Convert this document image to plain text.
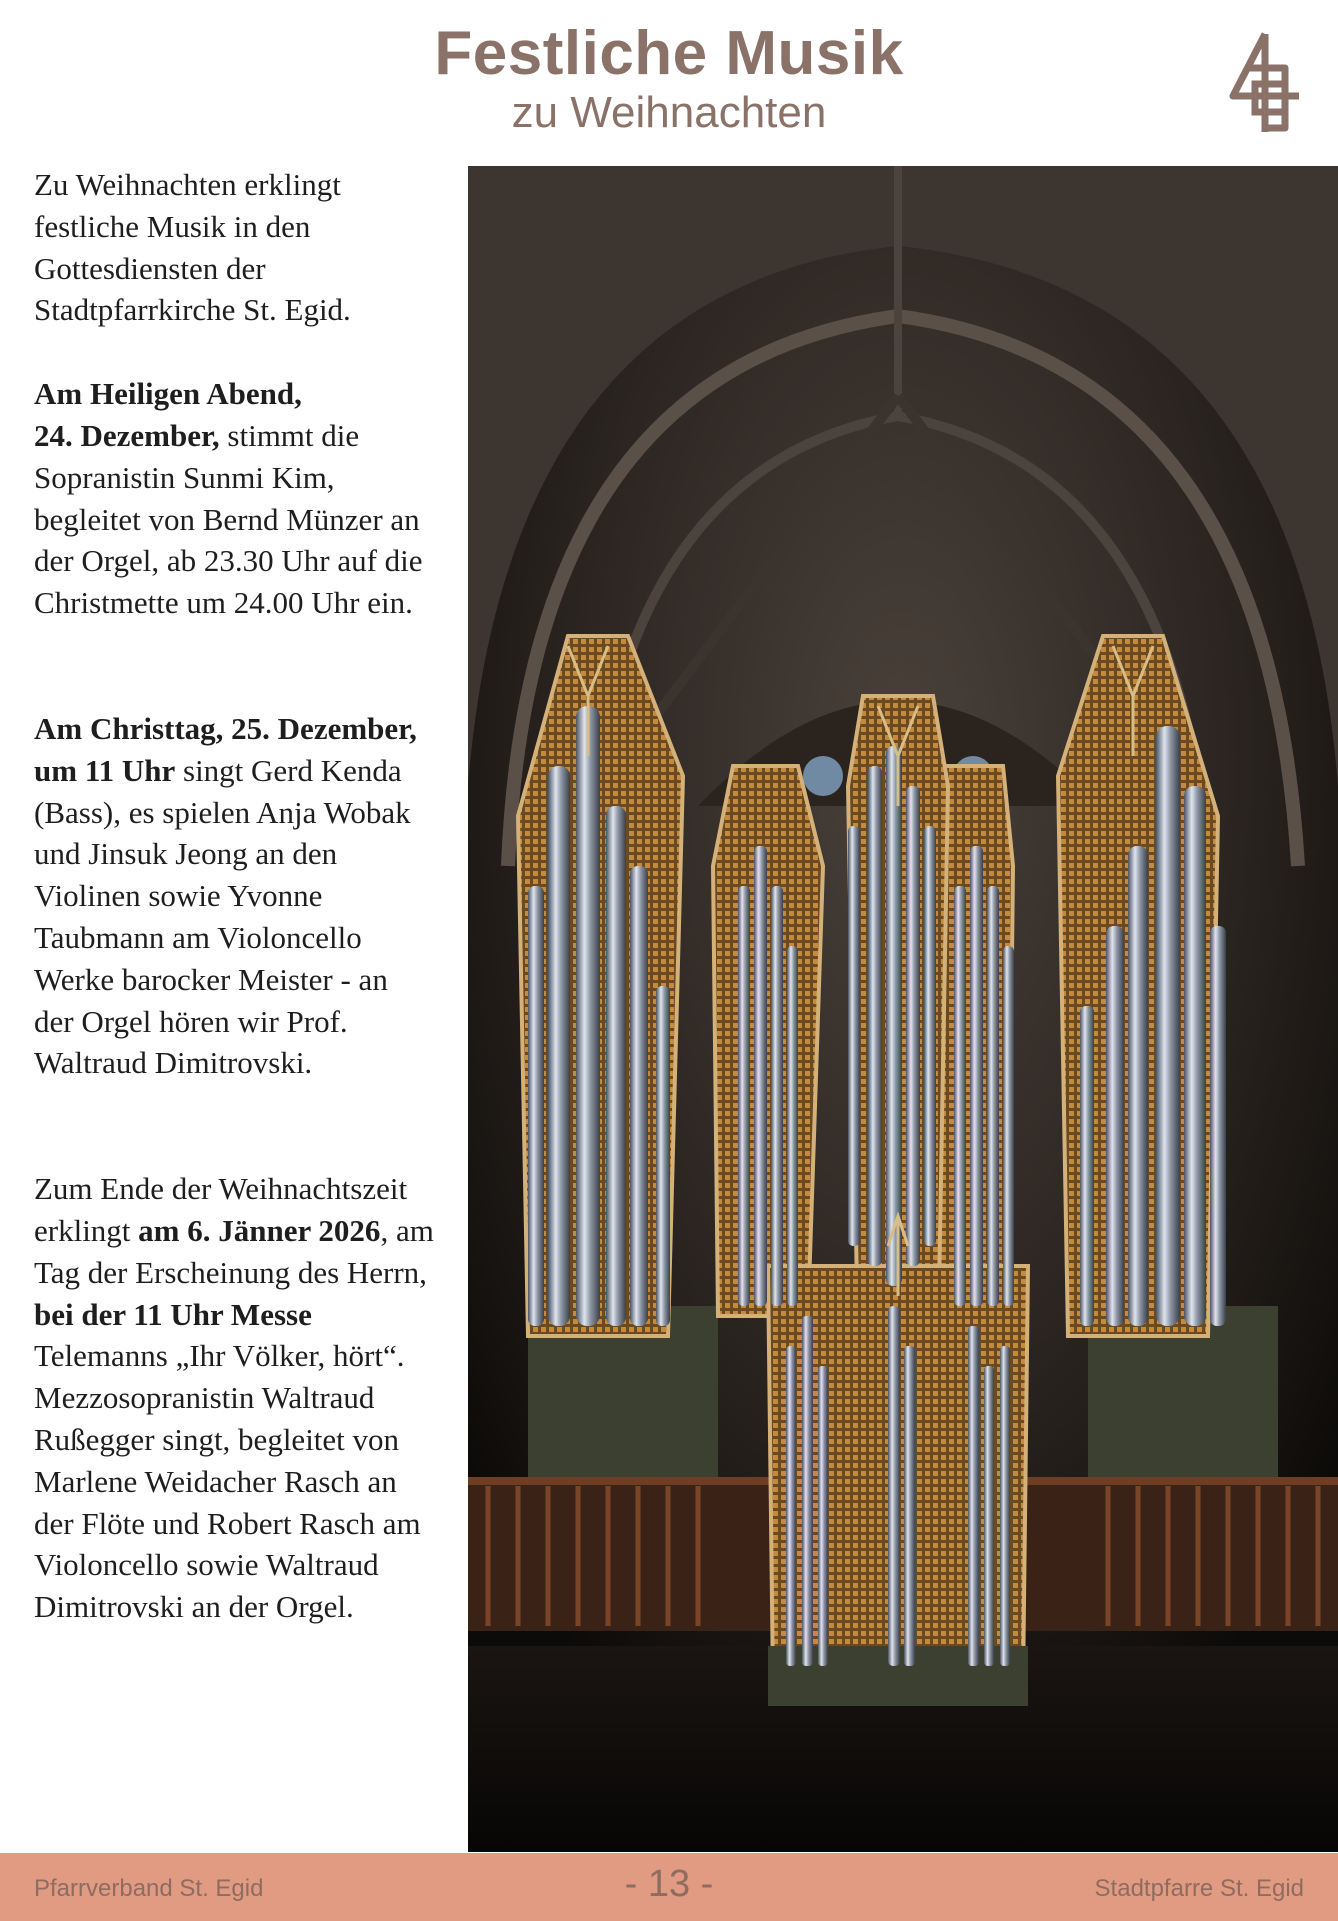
Festliche Musik
zu Weihnachten

Zu Weihnachten erklingt festliche Musik in den Gottesdiensten der Stadtpfarrkirche St. Egid.

Am Heiligen Abend,
24. Dezember, stimmt die Sopranistin Sunmi Kim, begleitet von Bernd Münzer an der Orgel, ab 23.30 Uhr auf die Christmette um 24.00 Uhr ein.

Am Christtag, 25. Dezember, um 11 Uhr singt Gerd Kenda (Bass), es spielen Anja Wobak und Jinsuk Jeong an den Violinen sowie Yvonne Taubmann am Violoncello Werke barocker Meister - an der Orgel hören wir Prof. Waltraud Dimitrovski.

Zum Ende der Weihnachtszeit erklingt am 6. Jänner 2026, am Tag der Erscheinung des Herrn, bei der 11 Uhr Messe Telemanns „Ihr Völker, hört“. Mezzosopranistin Waltraud Rußegger singt, begleitet von Marlene Weidacher Rasch an der Flöte und Robert Rasch am Violoncello sowie Waltraud Dimitrovski an der Orgel.

Pfarrverband St. Egid	- 13 -	Stadtpfarre St. Egid
